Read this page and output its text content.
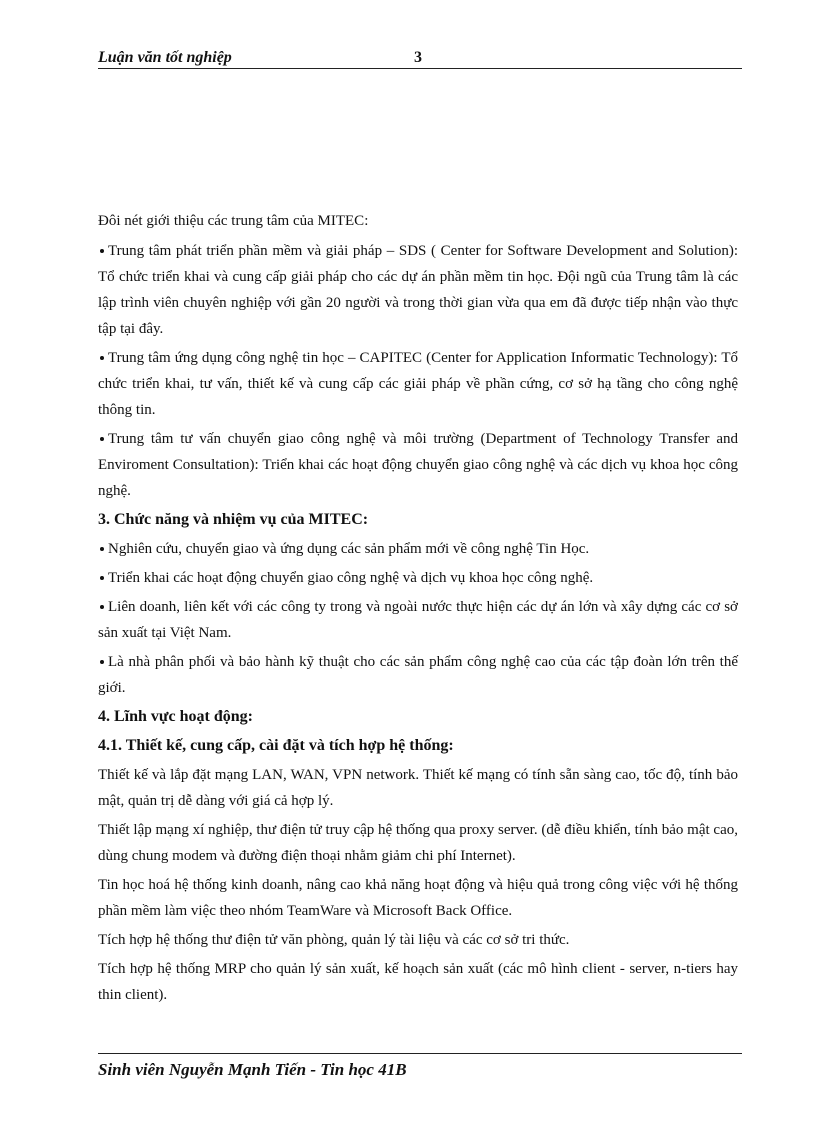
Luận văn tốt nghiệp	3

Đôi nét giới thiệu các trung tâm của MITEC:

Trung tâm phát triển phần mềm và giải pháp – SDS ( Center for Software Development and Solution): Tổ chức triển khai và cung cấp giải pháp cho các dự án phần mềm tin học. Đội ngũ của Trung tâm là các lập trình viên chuyên nghiệp với gần 20 người và trong thời gian vừa qua em đã được tiếp nhận vào thực tập tại đây.

Trung tâm ứng dụng công nghệ tin học – CAPITEC (Center for Application Informatic Technology): Tổ chức triển khai, tư vấn, thiết kế và cung cấp các giải pháp về phần cứng, cơ sở hạ tầng cho công nghệ thông tin.

Trung tâm tư vấn chuyển giao công nghệ và môi trường (Department of Technology Transfer and Enviroment Consultation): Triển khai các hoạt động chuyển giao công nghệ và các dịch vụ khoa học công nghệ.

3. Chức năng và nhiệm vụ của MITEC:

Nghiên cứu, chuyển giao và ứng dụng các sản phẩm mới về công nghệ Tin Học.

Triển khai các hoạt động chuyển giao công nghệ và dịch vụ khoa học công nghệ.

Liên doanh, liên kết với các công ty trong và ngoài nước thực hiện các dự án lớn và xây dựng các cơ sở sản xuất tại Việt Nam.

Là nhà phân phối và bảo hành kỹ thuật cho các sản phẩm công nghệ cao của các tập đoàn lớn trên thế giới.

4. Lĩnh vực hoạt động:

4.1. Thiết kế, cung cấp, cài đặt và tích hợp hệ thống:

Thiết kế và lắp đặt mạng LAN, WAN, VPN network. Thiết kế mạng có tính sẵn sàng cao, tốc độ, tính bảo mật, quản trị dễ dàng với giá cả hợp lý.

Thiết lập mạng xí nghiệp, thư điện tử truy cập hệ thống qua proxy server. (dễ điều khiển, tính bảo mật cao, dùng chung modem và đường điện thoại nhằm giảm chi phí Internet).

Tin học hoá hệ thống kinh doanh, nâng cao khả năng hoạt động và hiệu quả trong công việc với hệ thống phần mềm làm việc theo nhóm TeamWare và Microsoft Back Office.

Tích hợp hệ thống thư điện tử văn phòng, quản lý tài liệu và các cơ sở tri thức.

Tích hợp hệ thống MRP cho quản lý sản xuất, kế hoạch sản xuất (các mô hình client - server, n-tiers hay thin client).

Sinh viên Nguyễn Mạnh Tiến - Tin học 41B
